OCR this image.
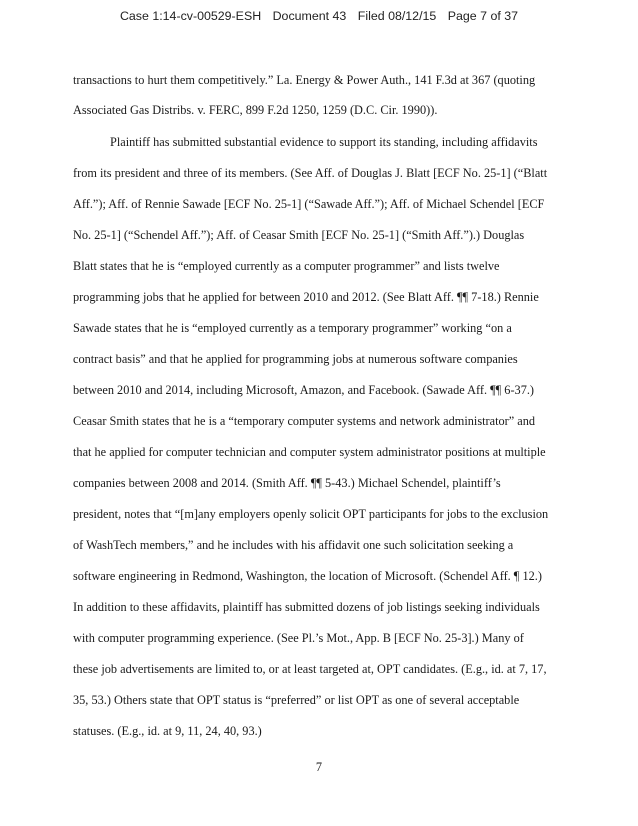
Case 1:14-cv-00529-ESH Document 43 Filed 08/12/15 Page 7 of 37
transactions to hurt them competitively.” La. Energy & Power Auth., 141 F.3d at 367 (quoting
Associated Gas Distribs. v. FERC, 899 F.2d 1250, 1259 (D.C. Cir. 1990)).
Plaintiff has submitted substantial evidence to support its standing, including affidavits
from its president and three of its members. (See Aff. of Douglas J. Blatt [ECF No. 25-1] (“Blatt
Aff.”); Aff. of Rennie Sawade [ECF No. 25-1] (“Sawade Aff.”); Aff. of Michael Schendel [ECF
No. 25-1] (“Schendel Aff.”); Aff. of Ceasar Smith [ECF No. 25-1] (“Smith Aff.”).) Douglas
Blatt states that he is “employed currently as a computer programmer” and lists twelve
programming jobs that he applied for between 2010 and 2012. (See Blatt Aff. ¶¶ 7-18.) Rennie
Sawade states that he is “employed currently as a temporary programmer” working “on a
contract basis” and that he applied for programming jobs at numerous software companies
between 2010 and 2014, including Microsoft, Amazon, and Facebook. (Sawade Aff. ¶¶ 6-37.)
Ceasar Smith states that he is a “temporary computer systems and network administrator” and
that he applied for computer technician and computer system administrator positions at multiple
companies between 2008 and 2014. (Smith Aff. ¶¶ 5-43.) Michael Schendel, plaintiff’s
president, notes that “[m]any employers openly solicit OPT participants for jobs to the exclusion
of WashTech members,” and he includes with his affidavit one such solicitation seeking a
software engineering in Redmond, Washington, the location of Microsoft. (Schendel Aff. ¶ 12.)
In addition to these affidavits, plaintiff has submitted dozens of job listings seeking individuals
with computer programming experience. (See Pl.’s Mot., App. B [ECF No. 25-3].) Many of
these job advertisements are limited to, or at least targeted at, OPT candidates. (E.g., id. at 7, 17,
35, 53.) Others state that OPT status is “preferred” or list OPT as one of several acceptable
statuses. (E.g., id. at 9, 11, 24, 40, 93.)
7
